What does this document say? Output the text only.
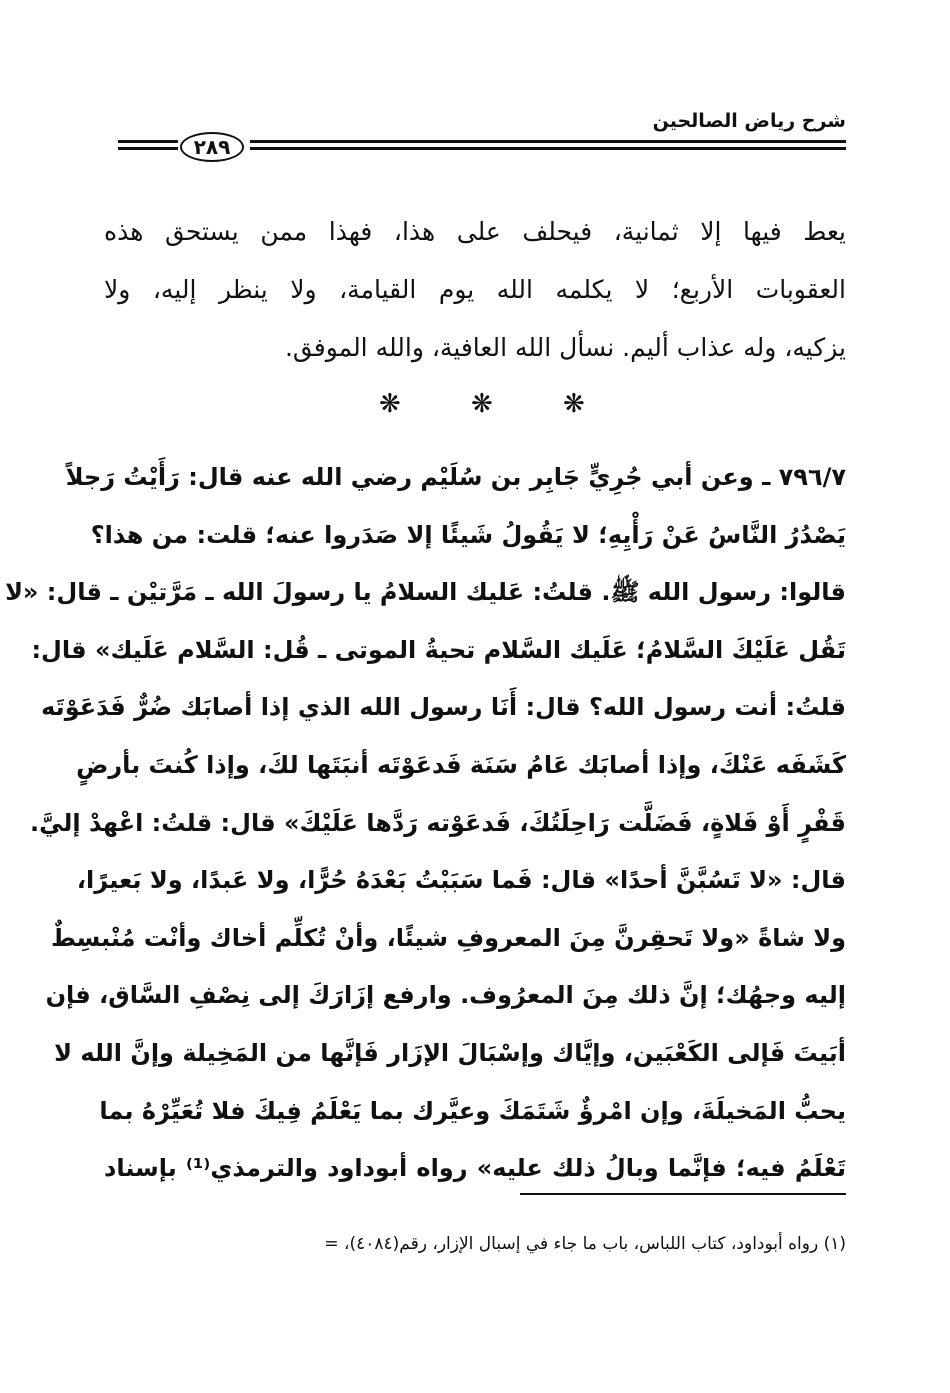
شرح رياض الصالحين
٢٨٩
يعط فيها إلا ثمانية، فيحلف على هذا، فهذا ممن يستحق هذه
العقوبات الأربع؛ لا يكلمه الله يوم القيامة، ولا ينظر إليه، ولا
يزكيه، وله عذاب أليم. نسأل الله العافية، والله الموفق.
❋
❋
❋
٧٩٦/٧ ـ وعن أبي جُرِيٍّ جَابِر بن سُلَيْم رضي الله عنه قال: رَأَيْتُ رَجلاً
يَصْدُرُ النَّاسُ عَنْ رَأْيِهِ؛ لا يَقُولُ شَيئًا إلا صَدَروا عنه؛ قلت: من هذا؟
قالوا: رسول الله ﷺ. قلتُ: عَليك السلامُ يا رسولَ الله ـ مَرَّتيْن ـ قال: «لا
تَقُل عَلَيْكَ السَّلامُ؛ عَلَيك السَّلام تحيةُ الموتى ـ قُل: السَّلام عَلَيك» قال:
قلتُ: أنت رسول الله؟ قال: أَنَا رسول الله الذي إذا أصابَك ضُرٌّ فَدَعَوْتَه
كَشَفَه عَنْكَ، وإذا أصابَك عَامُ سَنَة فَدعَوْتَه أنبَتَها لكَ، وإذا كُنتَ بأرضٍ
قَفْرٍ أَوْ فَلاةٍ، فَضَلَّت رَاحِلَتُكَ، فَدعَوْته رَدَّها عَلَيْكَ» قال: قلتُ: اعْهدْ إليَّ.
قال: «لا تَسُبَّنَّ أحدًا» قال: فَما سَبَبْتُ بَعْدَهُ حُرًّا، ولا عَبدًا، ولا بَعيرًا،
ولا شاةً «ولا تَحقِرنَّ مِنَ المعروفِ شيئًا، وأنْ تُكلِّم أخاك وأنْت مُنْبسِطٌ
إليه وجهُك؛ إنَّ ذلك مِنَ المعرُوف. وارفع إزَارَكَ إلى نِصْفِ السَّاق، فإن
أبَيتَ فَإلى الكَعْبَين، وإيَّاك وإسْبَالَ الإزَار فَإنَّها من المَخِيلة وإنَّ الله لا
يحبُّ المَخيلَةَ، وإن امْرؤٌ شَتَمَكَ وعيَّرك بما يَعْلَمُ فِيكَ فلا تُعَيِّرْهُ بما
تَعْلَمُ فيه؛ فإنَّما وبالُ ذلك عليه» رواه أبوداود والترمذي⁽¹⁾ بإسناد
(١) رواه أبوداود، كتاب اللباس، باب ما جاء في إسبال الإزار، رقم(٤٠٨٤)، =
